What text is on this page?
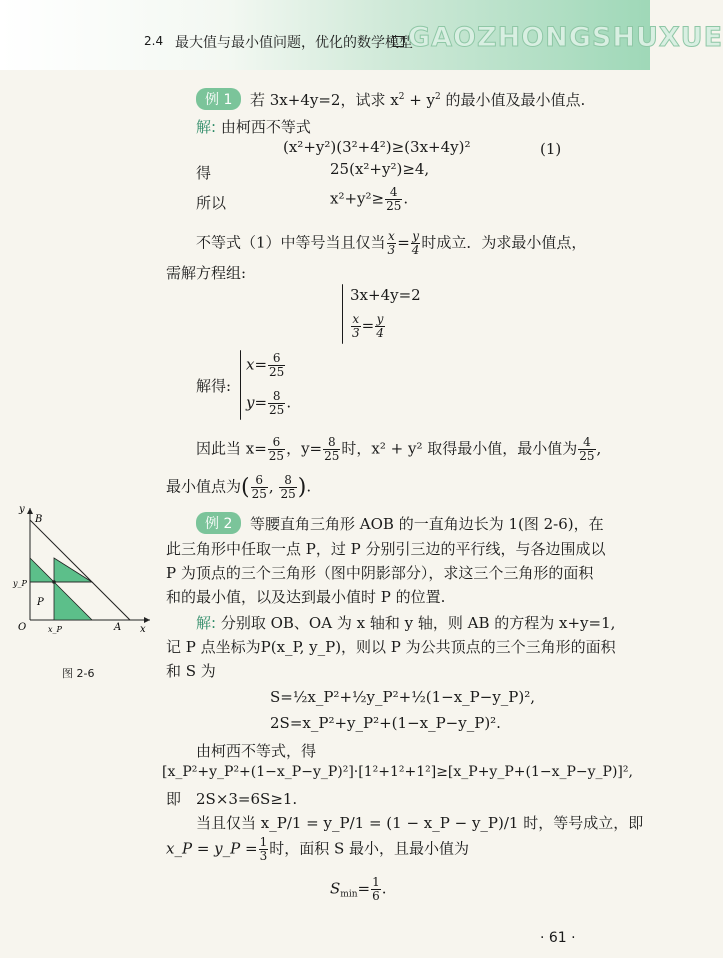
2.4 最大值与最小值问题，优化的数学模型
GAOZHONGSHUXUE
例 1	若 3x+4y=2，试求 $x^2 + y^2$ 的最小值及最小值点.
解: 由柯西不等式
(x²+y²)(3²+4²)≥(3x+4y)²	(1)
得	25(x²+y²)≥4,
所以	$x^2+y^2\ge \frac{4}{25}$ .
不等式（1）中等号当且仅当 $\frac{x}{3} = \frac{y}{4}$ 时成立．为求最小值点，
需解方程组:
3x+4y=2
$\frac{x}{3} = \frac{y}{4}$
解得:
$x= \frac{6}{25}$
$y= \frac{8}{25}$ .
因此当 $x= \frac{6}{25}$ ，$y= \frac{8}{25}$ 时，x² + y² 取得最小值，最小值为 $\frac{4}{25}$ ,
最小值点为( $\frac{6}{25}$ , $\frac{8}{25}$ ).
例 2	等腰直角三角形 AOB 的一直角边长为 1(图 2-6)，在
此三角形中任取一点 P，过 P 分别引三边的平行线，与各边围成以
P 为顶点的三个三角形（图中阴影部分），求这三个三角形的面积
和的最小值，以及达到最小值时 P 的位置.
解: 分别取 OB、OA 为 x 轴和 y 轴，则 AB 的方程为 x+y=1,
记 P 点坐标为P(x_P, y_P)，则以 P 为公共顶点的三个三角形的面积
和 S 为
S=½x_P²+½y_P²+½(1−x_P−y_P)²,
2S=x_P²+y_P²+(1−x_P−y_P)².
由柯西不等式，得
[x_P²+y_P²+(1−x_P−y_P)²]·[1²+1²+1²]≥[x_P+y_P+(1−x_P−y_P)]²,
即　2S×3=6S≥1.
当且仅当 x_P/1 = y_P/1 = (1 − x_P − y_P)/1 时，等号成立，即
x_P = y_P = $\frac{1}{3}$ 时，面积 S 最小，且最小值为
$S_{min}= \frac{1}{6}$ .
y
B
y_P
P
O	x_P	A x
图 2-6
· 61 ·
